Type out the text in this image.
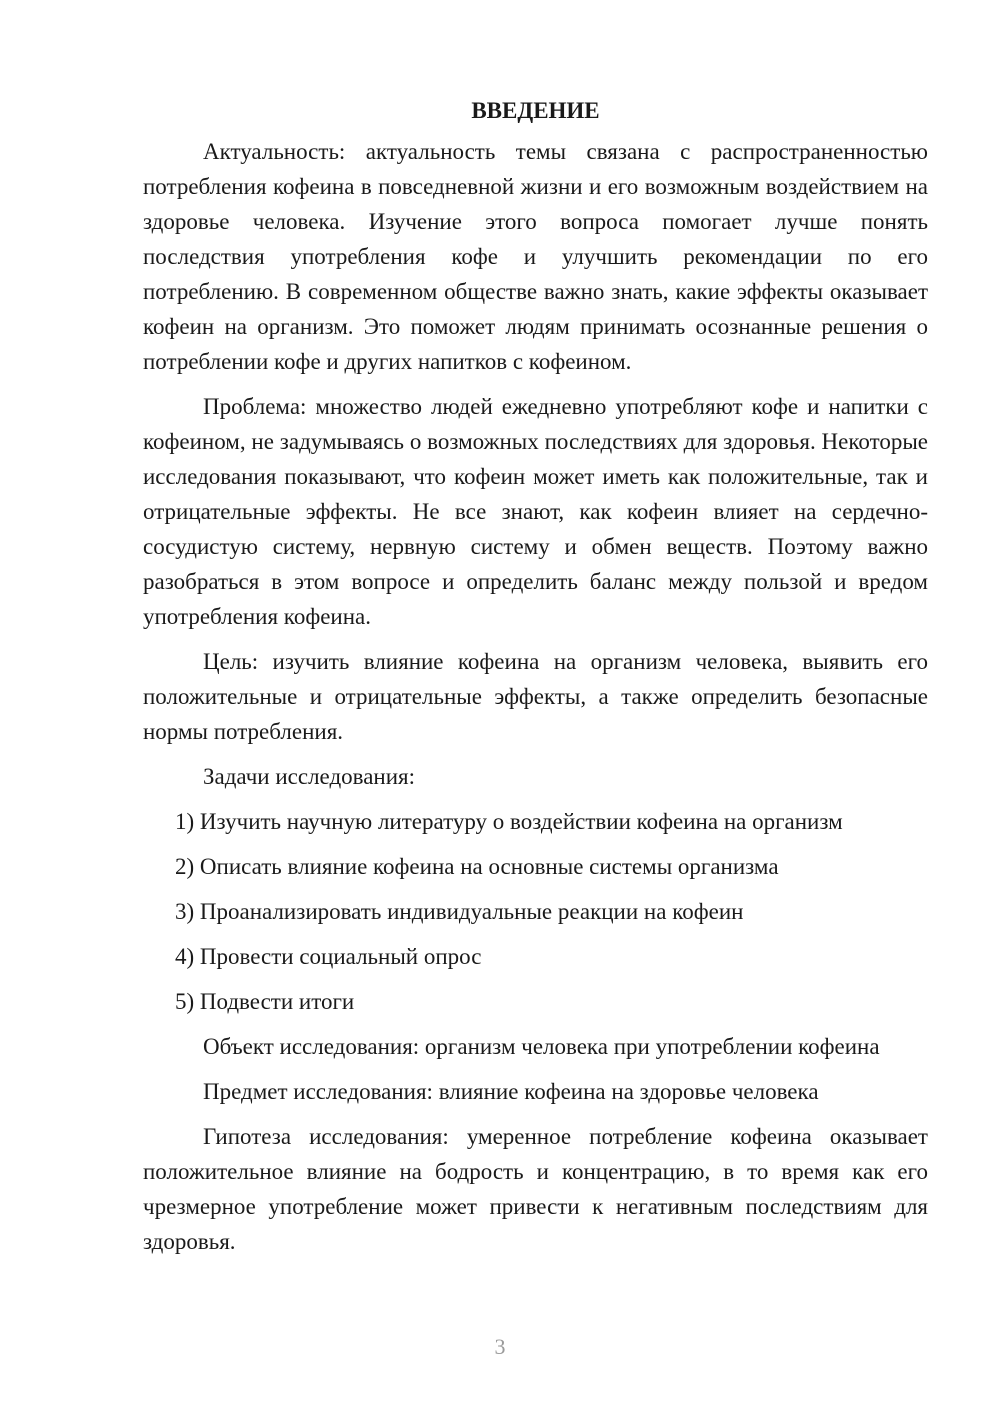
ВВЕДЕНИЕ

Актуальность: актуальность темы связана с распространенностью потребления кофеина в повседневной жизни и его возможным воздействием на здоровье человека. Изучение этого вопроса помогает лучше понять последствия употребления кофе и улучшить рекомендации по его потреблению. В современном обществе важно знать, какие эффекты оказывает кофеин на организм. Это поможет людям принимать осознанные решения о потреблении кофе и других напитков с кофеином.

Проблема: множество людей ежедневно употребляют кофе и напитки с кофеином, не задумываясь о возможных последствиях для здоровья. Некоторые исследования показывают, что кофеин может иметь как положительные, так и отрицательные эффекты. Не все знают, как кофеин влияет на сердечно-сосудистую систему, нервную систему и обмен веществ. Поэтому важно разобраться в этом вопросе и определить баланс между пользой и вредом употребления кофеина.

Цель: изучить влияние кофеина на организм человека, выявить его положительные и отрицательные эффекты, а также определить безопасные нормы потребления.

Задачи исследования:

1) Изучить научную литературу о воздействии кофеина на организм
2) Описать влияние кофеина на основные системы организма
3) Проанализировать индивидуальные реакции на кофеин
4) Провести социальный опрос
5) Подвести итоги

Объект исследования: организм человека при употреблении кофеина

Предмет исследования: влияние кофеина на здоровье человека

Гипотеза исследования: умеренное потребление кофеина оказывает положительное влияние на бодрость и концентрацию, в то время как его чрезмерное употребление может привести к негативным последствиям для здоровья.

3
